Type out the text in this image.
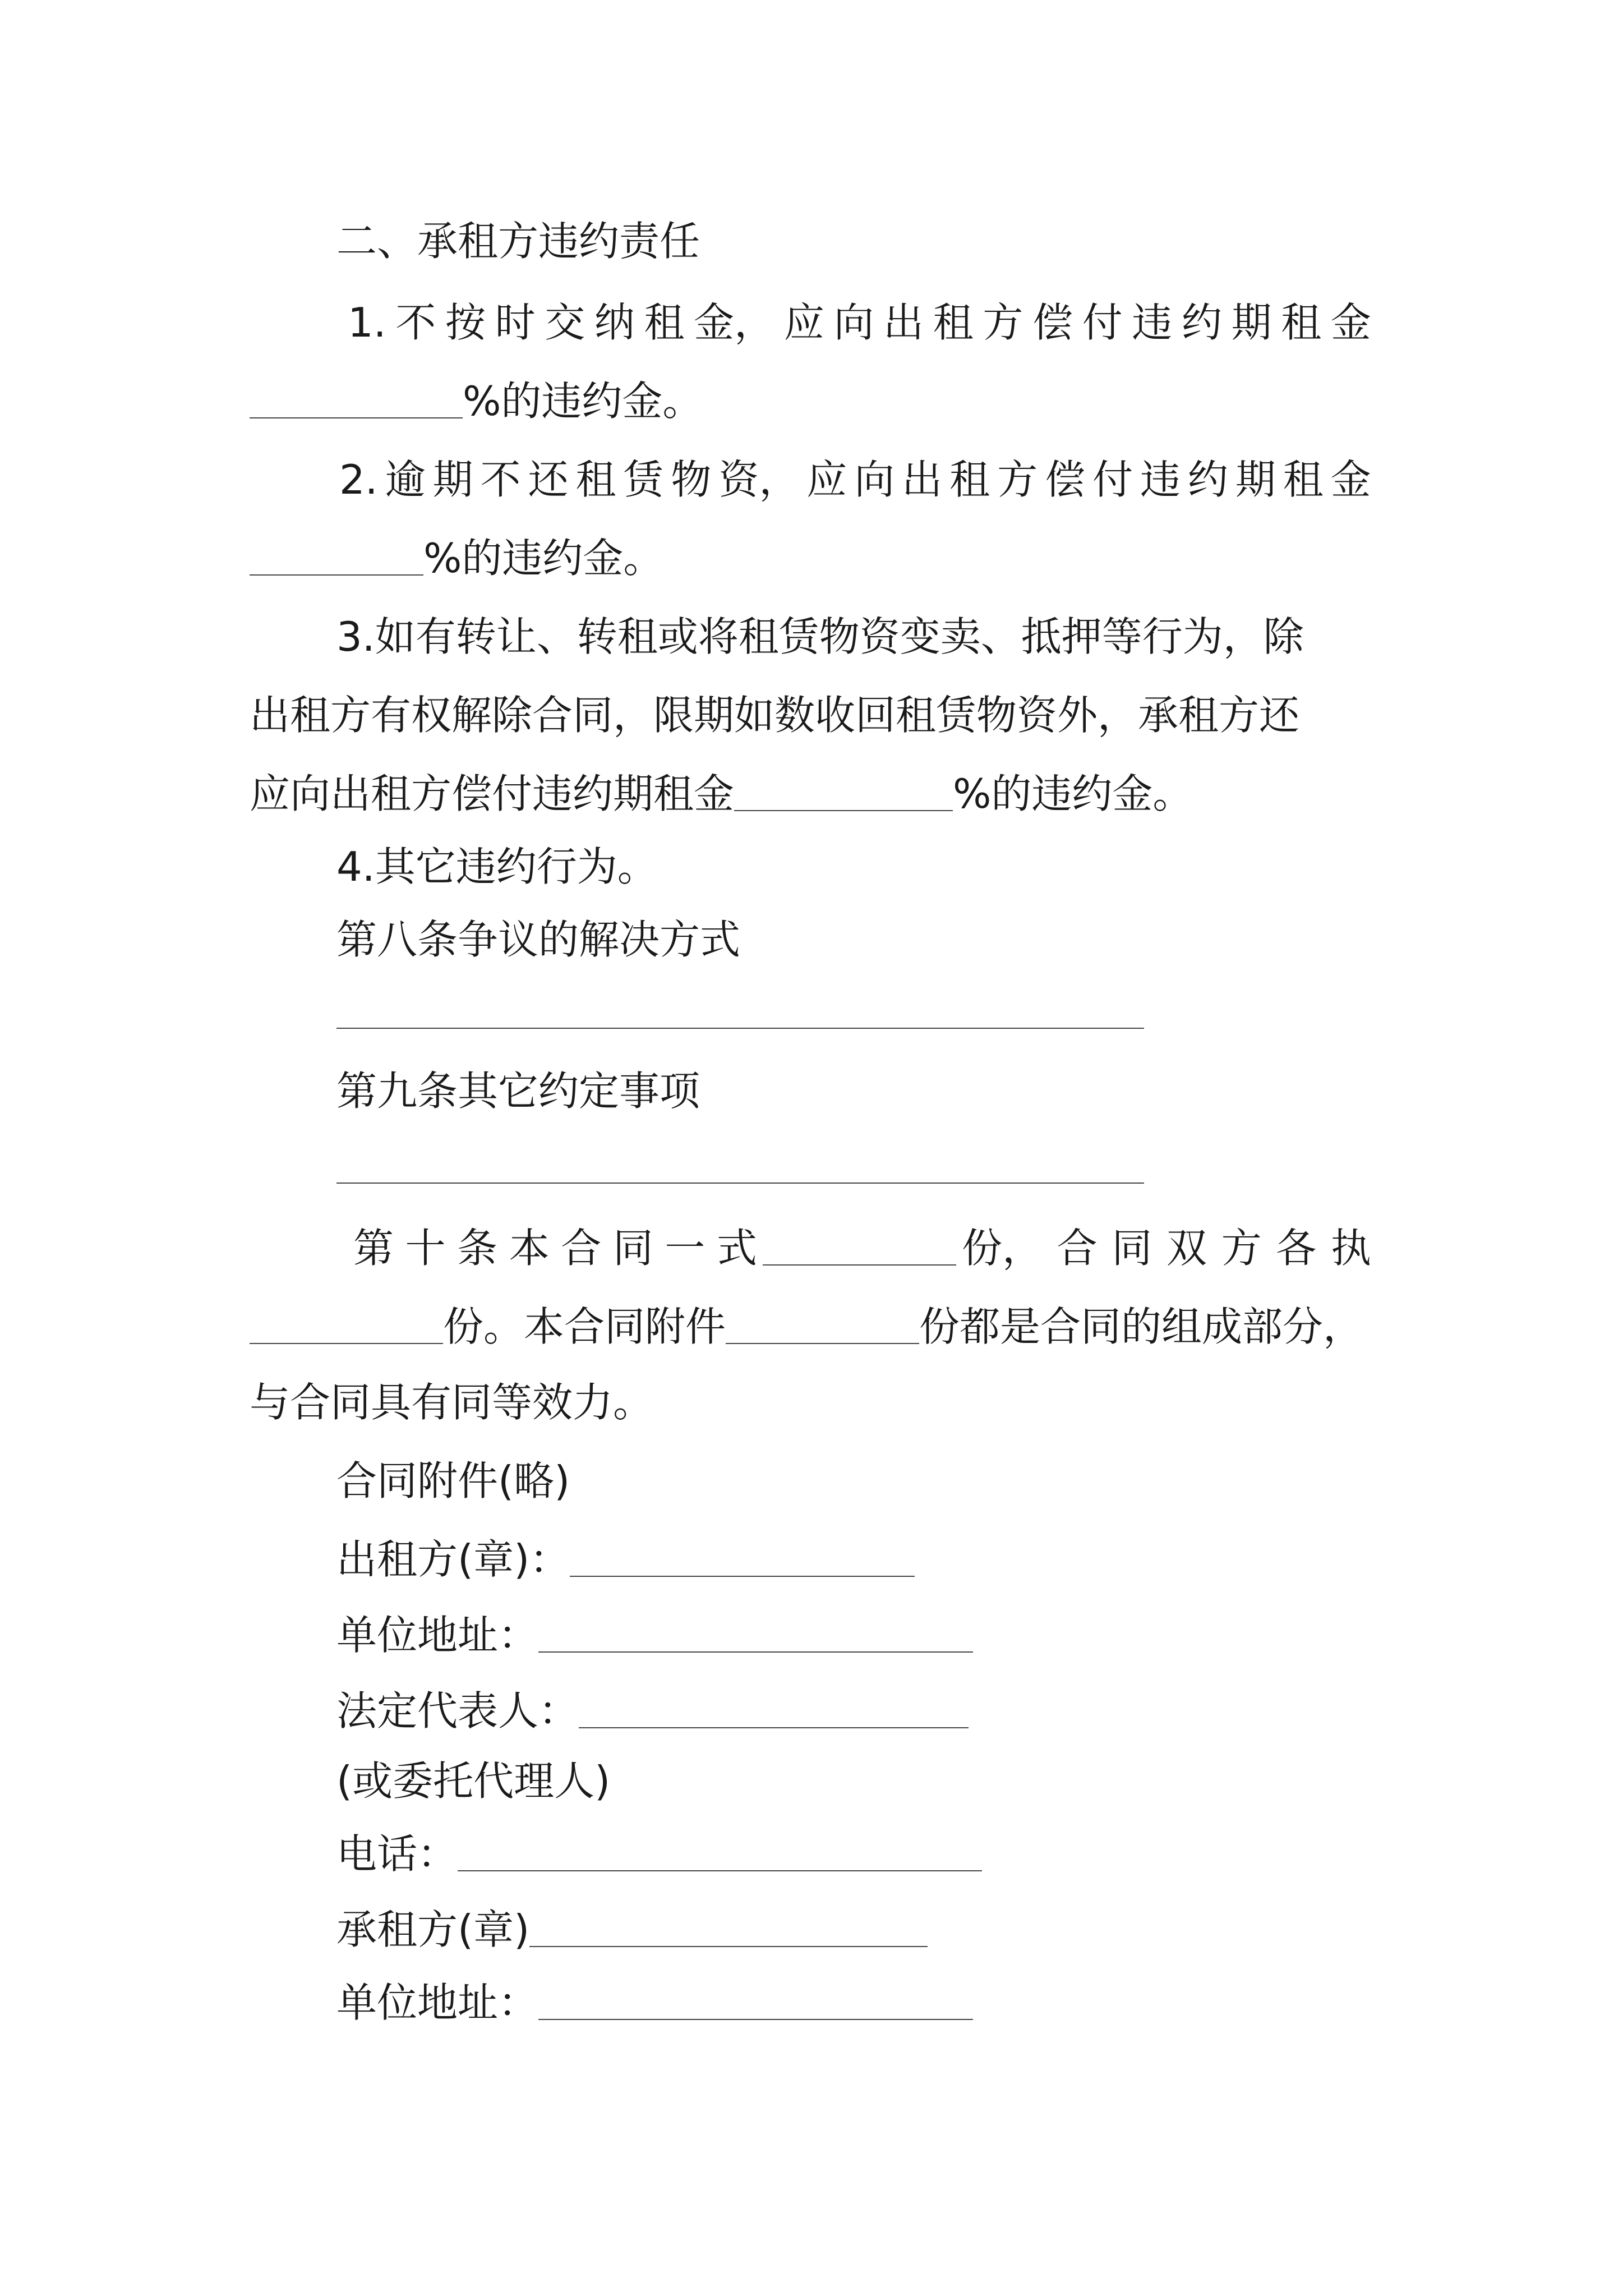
二、承租方违约责任
1. 不 按 时 交 纳 租 金， 应 向 出 租 方 偿 付 违 约 期 租 金
%的违约金。
2. 逾 期 不 还 租 赁 物 资， 应 向 出 租 方 偿 付 违 约 期 租 金
%的违约金。
3.如有转让、转租或将租赁物资变卖、抵押等行为，除
出租方有权解除合同，限期如数收回租赁物资外，承租方还
应向出租方偿付违约期租金	%的违约金。
4.其它违约行为。
第八条争议的解决方式
第九条其它约定事项
第 十 条 本 合 同 一 式	份， 合 同 双 方 各 执
份。本合同附件	份都是合同的组成部分，
与合同具有同等效力。
合同附件(略)
出租方(章)：
单位地址：
法定代表人：
(或委托代理人)
电话：
承租方(章)
单位地址：
